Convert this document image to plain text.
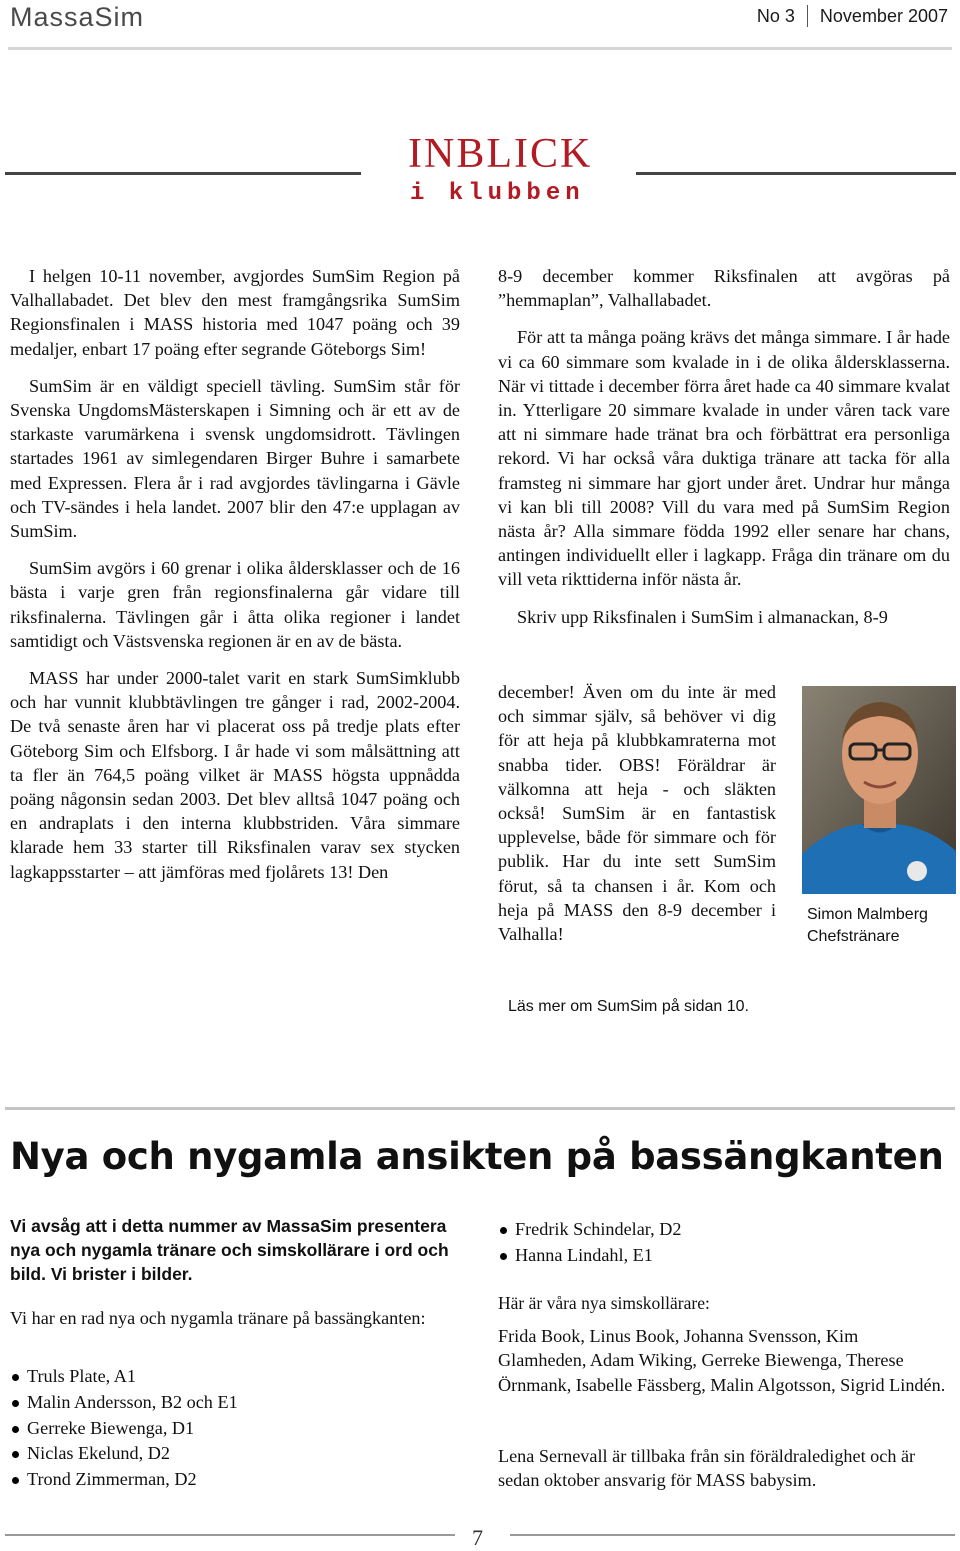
MassaSim	No 3 November 2007
INBLICK
i klubben

I helgen 10-11 november, avgjordes SumSim Region på Valhallabadet. Det blev den mest framgångsrika SumSim Regionsfinalen i MASS historia med 1047 poäng och 39 medaljer, enbart 17 poäng efter segrande Göteborgs Sim!

SumSim är en väldigt speciell tävling. SumSim står för Svenska UngdomsMästerskapen i Simning och är ett av de starkaste varumärkena i svensk ungdomsidrott. Tävlingen startades 1961 av simlegendaren Birger Buhre i samarbete med Expressen. Flera år i rad avgjordes tävlingarna i Gävle och TV-sändes i hela landet. 2007 blir den 47:e upplagan av SumSim.

SumSim avgörs i 60 grenar i olika åldersklasser och de 16 bästa i varje gren från regionsfinalerna går vidare till riksfinalerna. Tävlingen går i åtta olika regioner i landet samtidigt och Västsvenska regionen är en av de bästa.

MASS har under 2000-talet varit en stark SumSimklubb och har vunnit klubbtävlingen tre gånger i rad, 2002-2004. De två senaste åren har vi placerat oss på tredje plats efter Göteborg Sim och Elfsborg. I år hade vi som målsättning att ta fler än 764,5 poäng vilket är MASS högsta uppnådda poäng någonsin sedan 2003. Det blev alltså 1047 poäng och en andraplats i den interna klubbstriden. Våra simmare klarade hem 33 starter till Riksfinalen varav sex stycken lagkappsstarter – att jämföras med fjolårets 13! Den

8-9 december kommer Riksfinalen att avgöras på ”hemmaplan”, Valhallabadet.

För att ta många poäng krävs det många simmare. I år hade vi ca 60 simmare som kvalade in i de olika åldersklasserna. När vi tittade i december förra året hade ca 40 simmare kvalat in. Ytterligare 20 simmare kvalade in under våren tack vare att ni simmare hade tränat bra och förbättrat era personliga rekord. Vi har också våra duktiga tränare att tacka för alla framsteg ni simmare har gjort under året. Undrar hur många vi kan bli till 2008? Vill du vara med på SumSim Region nästa år? Alla simmare födda 1992 eller senare har chans, antingen individuellt eller i lagkapp. Fråga din tränare om du vill veta rikttiderna inför nästa år.

Skriv upp Riksfinalen i SumSim i almanackan, 8-9

december! Även om du inte är med och simmar själv, så behöver vi dig för att heja på klubbkamraterna mot snabba tider. OBS! Föräldrar är välkomna att heja - och släkten också! SumSim är en fantastisk upplevelse, både för simmare och för publik. Har du inte sett SumSim förut, så ta chansen i år. Kom och heja på MASS den 8-9 december i Valhalla!
Simon Malmberg
Chefstränare
Läs mer om SumSim på sidan 10.
Nya och nygamla ansikten på bassängkanten
Vi avsåg att i detta nummer av MassaSim presentera nya och nygamla tränare och simskollärare i ord och bild. Vi brister i bilder.
Vi har en rad nya och nygamla tränare på bassängkanten:
Truls Plate, A1
Malin Andersson, B2 och E1
Gerreke Biewenga, D1
Niclas Ekelund, D2
Trond Zimmerman, D2
Fredrik Schindelar, D2
Hanna Lindahl, E1
Här är våra nya simskollärare:
Frida Book, Linus Book, Johanna Svensson, Kim Glamheden, Adam Wiking, Gerreke Biewenga, Therese Örnmank, Isabelle Fässberg, Malin Algotsson, Sigrid Lindén.
Lena Sernevall är tillbaka från sin föräldraledighet och är sedan oktober ansvarig för MASS babysim.
7
